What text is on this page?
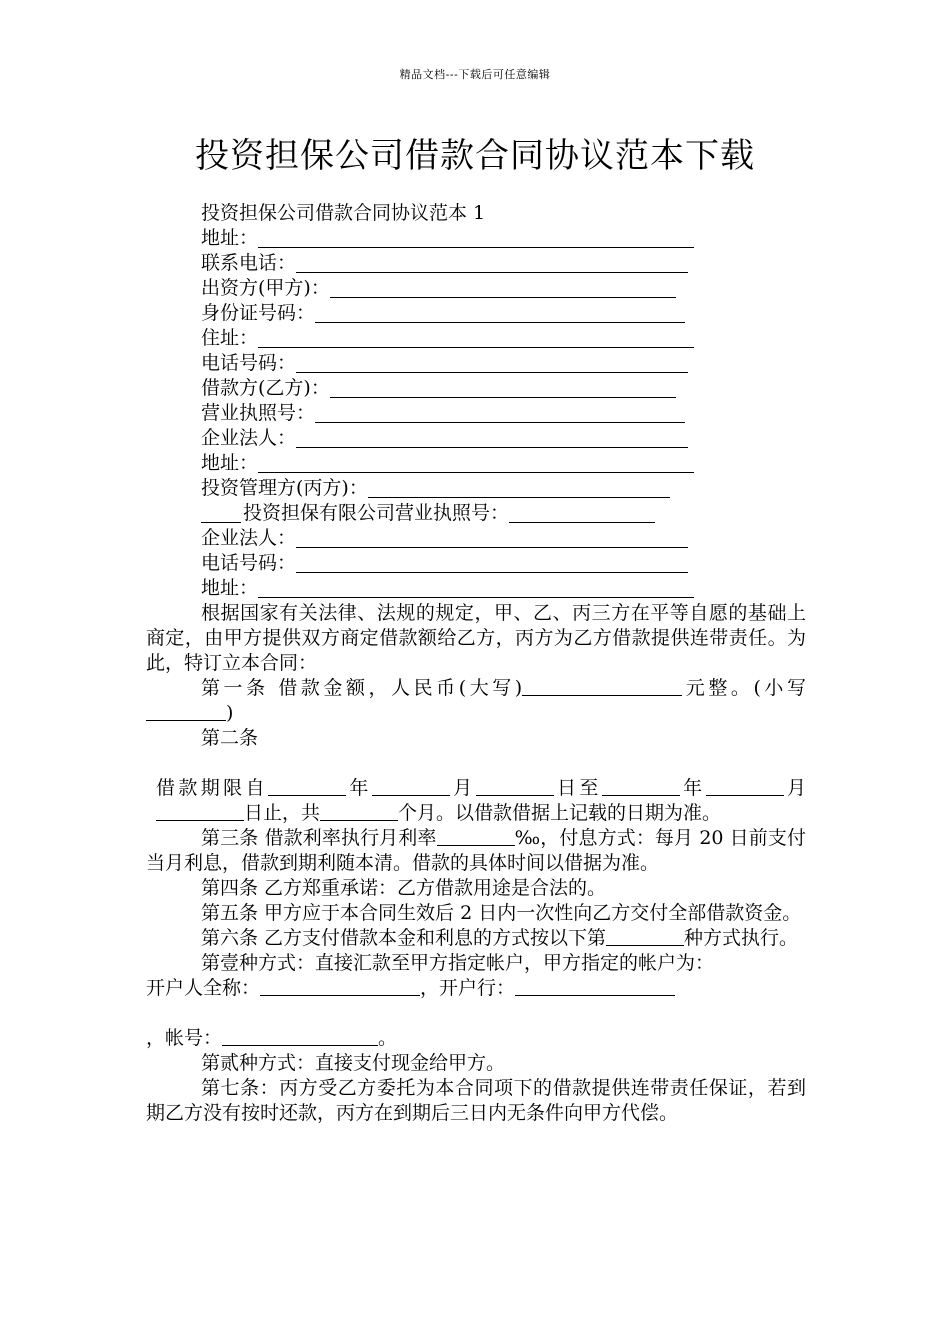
精品文档---下载后可任意编辑
投资担保公司借款合同协议范本下载
投资担保公司借款合同协议范本 1
地址：
联系电话：
出资方(甲方)：
身份证号码：
住址：
电话号码：
借款方(乙方)：
营业执照号：
企业法人：
地址：
投资管理方(丙方)：
投资担保有限公司营业执照号：
企业法人：
电话号码：
地址：

根据国家有关法律、法规的规定，甲、乙、丙三方在平等自愿的基础上商定，由甲方提供双方商定借款额给乙方，丙方为乙方借款提供连带责任。为此，特订立本合同：

第一条 借款金额，人民币(大写)	元整。(小写)

第二条

借款期限自	年	月	日至	年	月日止，共	个月。以借款借据上记载的日期为准。

第三条 借款利率执行月利率	‰，付息方式：每月 20 日前支付当月利息，借款到期利随本清。借款的具体时间以借据为准。

第四条 乙方郑重承诺：乙方借款用途是合法的。

第五条 甲方应于本合同生效后 2 日内一次性向乙方交付全部借款资金。

第六条 乙方支付借款本金和利息的方式按以下第	种方式执行。

第壹种方式：直接汇款至甲方指定帐户，甲方指定的帐户为：

开户人全称：	，开户行：

，帐号：	。

第贰种方式：直接支付现金给甲方。

第七条：丙方受乙方委托为本合同项下的借款提供连带责任保证，若到期乙方没有按时还款，丙方在到期后三日内无条件向甲方代偿。
